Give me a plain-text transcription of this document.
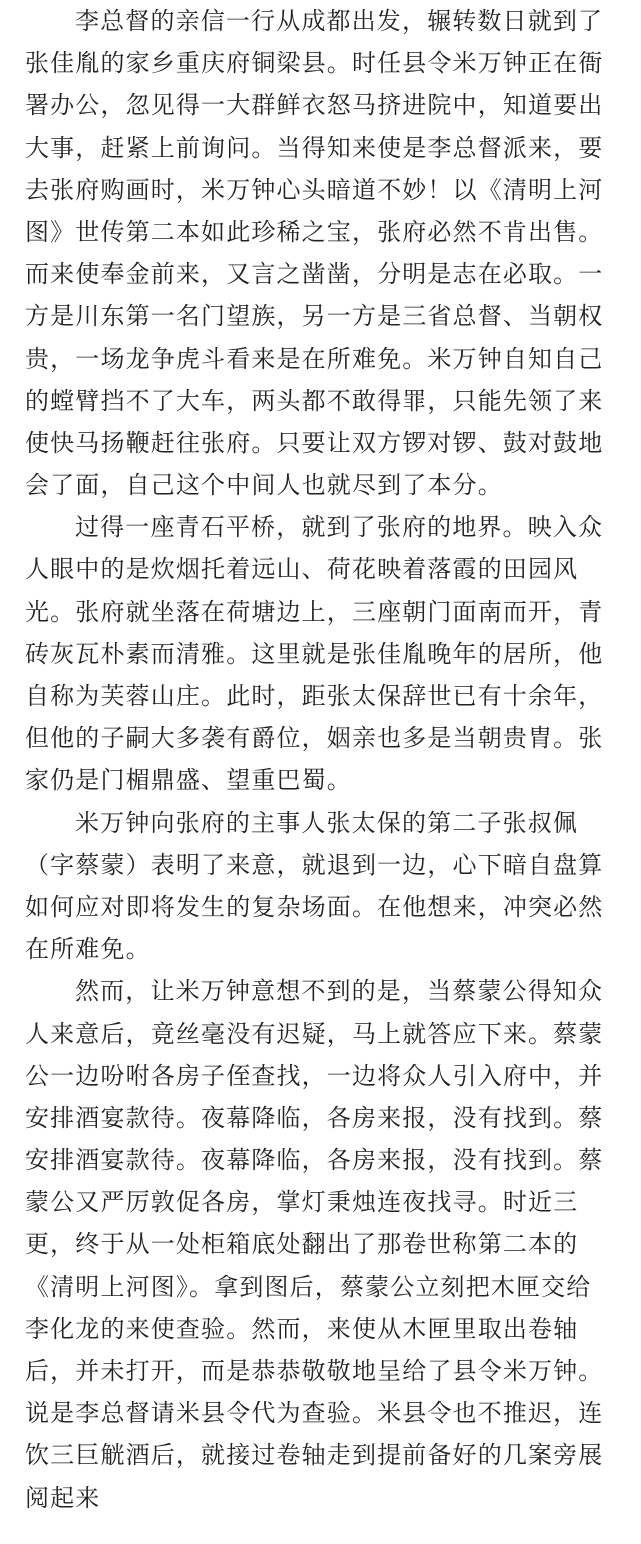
李总督的亲信一行从成都出发，辗转数日就到了
张佳胤的家乡重庆府铜梁县。时任县令米万钟正在衙
署办公，忽见得一大群鲜衣怒马挤进院中，知道要出
大事，赶紧上前询问。当得知来使是李总督派来，要
去张府购画时，米万钟心头暗道不妙！以《清明上河
图》世传第二本如此珍稀之宝，张府必然不肯出售。
而来使奉金前来，又言之凿凿，分明是志在必取。一
方是川东第一名门望族，另一方是三省总督、当朝权
贵，一场龙争虎斗看来是在所难免。米万钟自知自己
的螳臂挡不了大车，两头都不敢得罪，只能先领了来
使快马扬鞭赶往张府。只要让双方锣对锣、鼓对鼓地
会了面，自己这个中间人也就尽到了本分。
过得一座青石平桥，就到了张府的地界。映入众
人眼中的是炊烟托着远山、荷花映着落霞的田园风
光。张府就坐落在荷塘边上，三座朝门面南而开，青
砖灰瓦朴素而清雅。这里就是张佳胤晚年的居所，他
自称为芙蓉山庄。此时，距张太保辞世已有十余年，
但他的子嗣大多袭有爵位，姻亲也多是当朝贵胄。张
家仍是门楣鼎盛、望重巴蜀。
米万钟向张府的主事人张太保的第二子张叔佩
（字蔡蒙）表明了来意，就退到一边，心下暗自盘算
如何应对即将发生的复杂场面。在他想来，冲突必然
在所难免。
然而，让米万钟意想不到的是，当蔡蒙公得知众
人来意后，竟丝毫没有迟疑，马上就答应下来。蔡蒙
公一边吩咐各房子侄查找，一边将众人引入府中，并
安排酒宴款待。夜幕降临，各房来报，没有找到。蔡
安排酒宴款待。夜幕降临，各房来报，没有找到。蔡
蒙公又严厉敦促各房，掌灯秉烛连夜找寻。时近三
更，终于从一处柜箱底处翻出了那卷世称第二本的
《清明上河图》。拿到图后，蔡蒙公立刻把木匣交给
李化龙的来使查验。然而，来使从木匣里取出卷轴
后，并未打开，而是恭恭敬敬地呈给了县令米万钟。
说是李总督请米县令代为查验。米县令也不推迟，连
饮三巨觥酒后，就接过卷轴走到提前备好的几案旁展
阅起来
